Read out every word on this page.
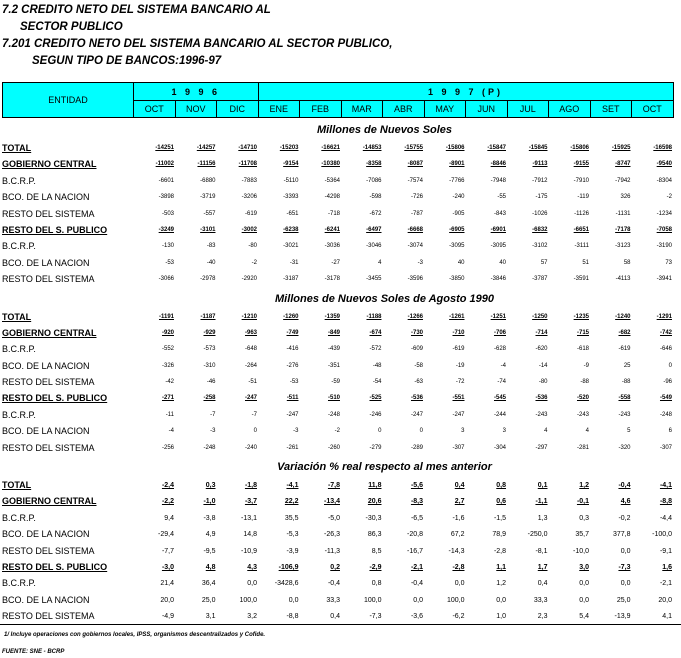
7.2 CREDITO NETO DEL SISTEMA BANCARIO AL
SECTOR PUBLICO
7.201 CREDITO NETO DEL SISTEMA BANCARIO AL SECTOR PUBLICO,
SEGUN TIPO DE BANCOS:1996-97
ENTIDAD	1 9 9 6			1 9 9 7 (P)									
	OCT	NOV	DIC	ENE	FEB	MAR	ABR	MAY	JUN	JUL	AGO	SET	OCT
Millones de Nuevos Soles
TOTAL	-14251	-14257	-14710	-15203	-16621	-14853	-15755	-15806	-15847	-15845	-15806	-15925	-16598
GOBIERNO CENTRAL	-11002	-11156	-11708	-9154	-10380	-8358	-8087	-8901	-8846	-9113	-9155	-8747	-9540
B.C.R.P.	-6601	-6880	-7883	-5110	-5364	-7086	-7574	-7766	-7948	-7912	-7910	-7942	-8304
BCO. DE LA NACION	-3898	-3719	-3206	-3393	-4298	-598	-726	-240	-55	-175	-119	326	-2
RESTO DEL SISTEMA	-503	-557	-619	-651	-718	-672	-787	-905	-843	-1026	-1126	-1131	-1234
RESTO DEL S. PUBLICO	-3249	-3101	-3002	-6238	-6241	-6497	-6668	-6905	-6901	-6832	-6651	-7178	-7058
B.C.R.P.	-130	-83	-80	-3021	-3036	-3046	-3074	-3095	-3095	-3102	-3111	-3123	-3190
BCO. DE LA NACION	-53	-40	-2	-31	-27	4	-3	40	40	57	51	58	73
RESTO DEL SISTEMA	-3066	-2978	-2920	-3187	-3178	-3455	-3596	-3850	-3846	-3787	-3591	-4113	-3941
Millones de Nuevos Soles de Agosto 1990
TOTAL	-1191	-1187	-1210	-1260	-1359	-1188	-1266	-1261	-1251	-1250	-1235	-1240	-1291
GOBIERNO CENTRAL	-920	-929	-963	-749	-849	-674	-730	-710	-706	-714	-715	-682	-742
B.C.R.P.	-552	-573	-648	-416	-439	-572	-609	-619	-628	-620	-618	-619	-646
BCO. DE LA NACION	-326	-310	-264	-276	-351	-48	-58	-19	-4	-14	-9	25	0
RESTO DEL SISTEMA	-42	-46	-51	-53	-59	-54	-63	-72	-74	-80	-88	-88	-96
RESTO DEL S. PUBLICO	-271	-258	-247	-511	-510	-525	-536	-551	-545	-536	-520	-558	-549
B.C.R.P.	-11	-7	-7	-247	-248	-246	-247	-247	-244	-243	-243	-243	-248
BCO. DE LA NACION	-4	-3	0	-3	-2	0	0	3	3	4	4	5	6
RESTO DEL SISTEMA	-256	-248	-240	-261	-260	-279	-289	-307	-304	-297	-281	-320	-307
Variación % real respecto al mes anterior
TOTAL	-2,4	0,3	-1,8	-4,1	-7,8	11,8	-5,6	0,4	0,8	0,1	1,2	-0,4	-4,1
GOBIERNO CENTRAL	-2,2	-1,0	-3,7	22,2	-13,4	20,6	-8,3	2,7	0,6	-1,1	-0,1	4,6	-8,8
B.C.R.P.	9,4	-3,8	-13,1	35,5	-5,0	-30,3	-6,5	-1,6	-1,5	1,3	0,3	-0,2	-4,4
BCO. DE LA NACION	-29,4	4,9	14,8	-5,3	-26,3	86,3	-20,8	67,2	78,9	-250,0	35,7	377,8	-100,0
RESTO DEL SISTEMA	-7,7	-9,5	-10,9	-3,9	-11,3	8,5	-16,7	-14,3	-2,8	-8,1	-10,0	0,0	-9,1
RESTO DEL S. PUBLICO	-3,0	4,8	4,3	-106,9	0,2	-2,9	-2,1	-2,8	1,1	1,7	3,0	-7,3	1,6
B.C.R.P.	21,4	36,4	0,0	-3428,6	-0,4	0,8	-0,4	0,0	1,2	0,4	0,0	0,0	-2,1
BCO. DE LA NACION	20,0	25,0	100,0	0,0	33,3	100,0	0,0	100,0	0,0	33,3	0,0	25,0	20,0
RESTO DEL SISTEMA	-4,9	3,1	3,2	-8,8	0,4	-7,3	-3,6	-6,2	1,0	2,3	5,4	-13,9	4,1
1/ Incluye operaciones con gobiernos locales, IPSS, organismos descentralizados y Cofide.
FUENTE: SNE - BCRP
